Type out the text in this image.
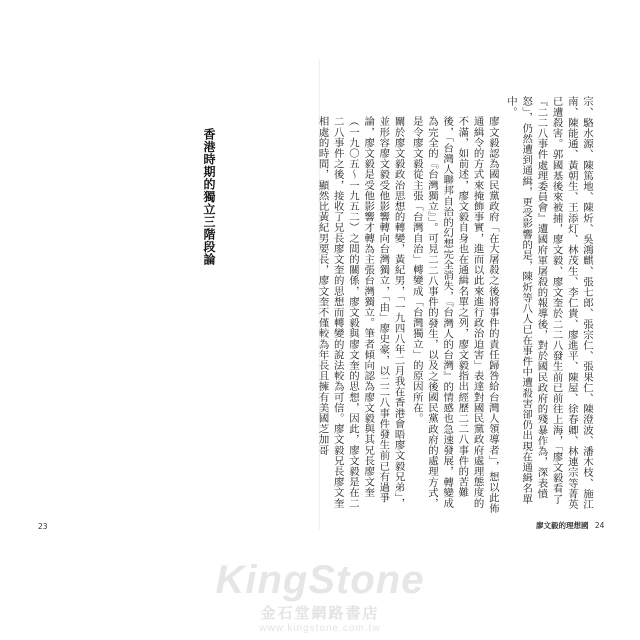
23
香港時期的獨立三階段論	宗、駱水源、陳篤地、陳炘、吳鴻麒、張七郎、張宗仁、張果仁、陳澄波、潘木枝、施江南、陳能通、黃朝生、王添灯、林茂生、李仁貴、廖進平、陳屋、徐春卿、林連宗等菁英已遭殺害。郭國基後來被捕，廖文毅、廖文奎於二二八發生前已前往上海，「廖文毅看了『二二八事件處理委員會』遭國府軍屠殺的報導後，對於國民政府的殘暴作為，深表憤怒」，仍然遭到通緝，更受影響的是，陳炘等八人已在事件中遭殺害卻仍出現在通緝名單中。
廖文毅認為國民黨政府「在大屠殺之後將事件的責任歸咎給台灣人領導者」，想以此佈通緝令的方式來掩飾事實，進而以此來進行政治迫害」表達對國民黨政府處理態度的不滿，如前述，廖文毅自身也在通緝名單之列，廖文毅指出經歷二二八事件的苦難後，「台灣人聯邦自治的幻想完全消失，『台灣人的台灣』的情感也急速發展，轉變成為完全的『台灣獨立』」。可見二二八事件的發生，以及之後國民黨政府的處理方式，是令廖文毅從主張「台灣自治」轉變成「台灣獨立」的原因所在。
關於廖文毅政治思想的轉變，黃紀男，「一九四八年二月我在香港會晤廖文毅兄弟」，並形容廖文毅受他影響轉向台灣獨立，「由」廖史豪，以二二八事件發生前已有過爭論，廖文毅是受他影響才轉為主張台灣獨立。筆者傾向認為廖文毅與其兄長廖文奎（一九〇五～一九五二）之間的關係，廖文毅與廖文奎的思想，因此，廖文毅是在二二八事件之後，接收了兄長廖文奎的思想而轉變的說法較為可信。廖文毅兄長廖文奎相處的時間，顯然比黃紀男要長，廖文奎不僅較為年長且擁有美國芝加哥
廖文毅的理想國 24
KingStone
金石堂網路書店
www.kingstone.com.tw
